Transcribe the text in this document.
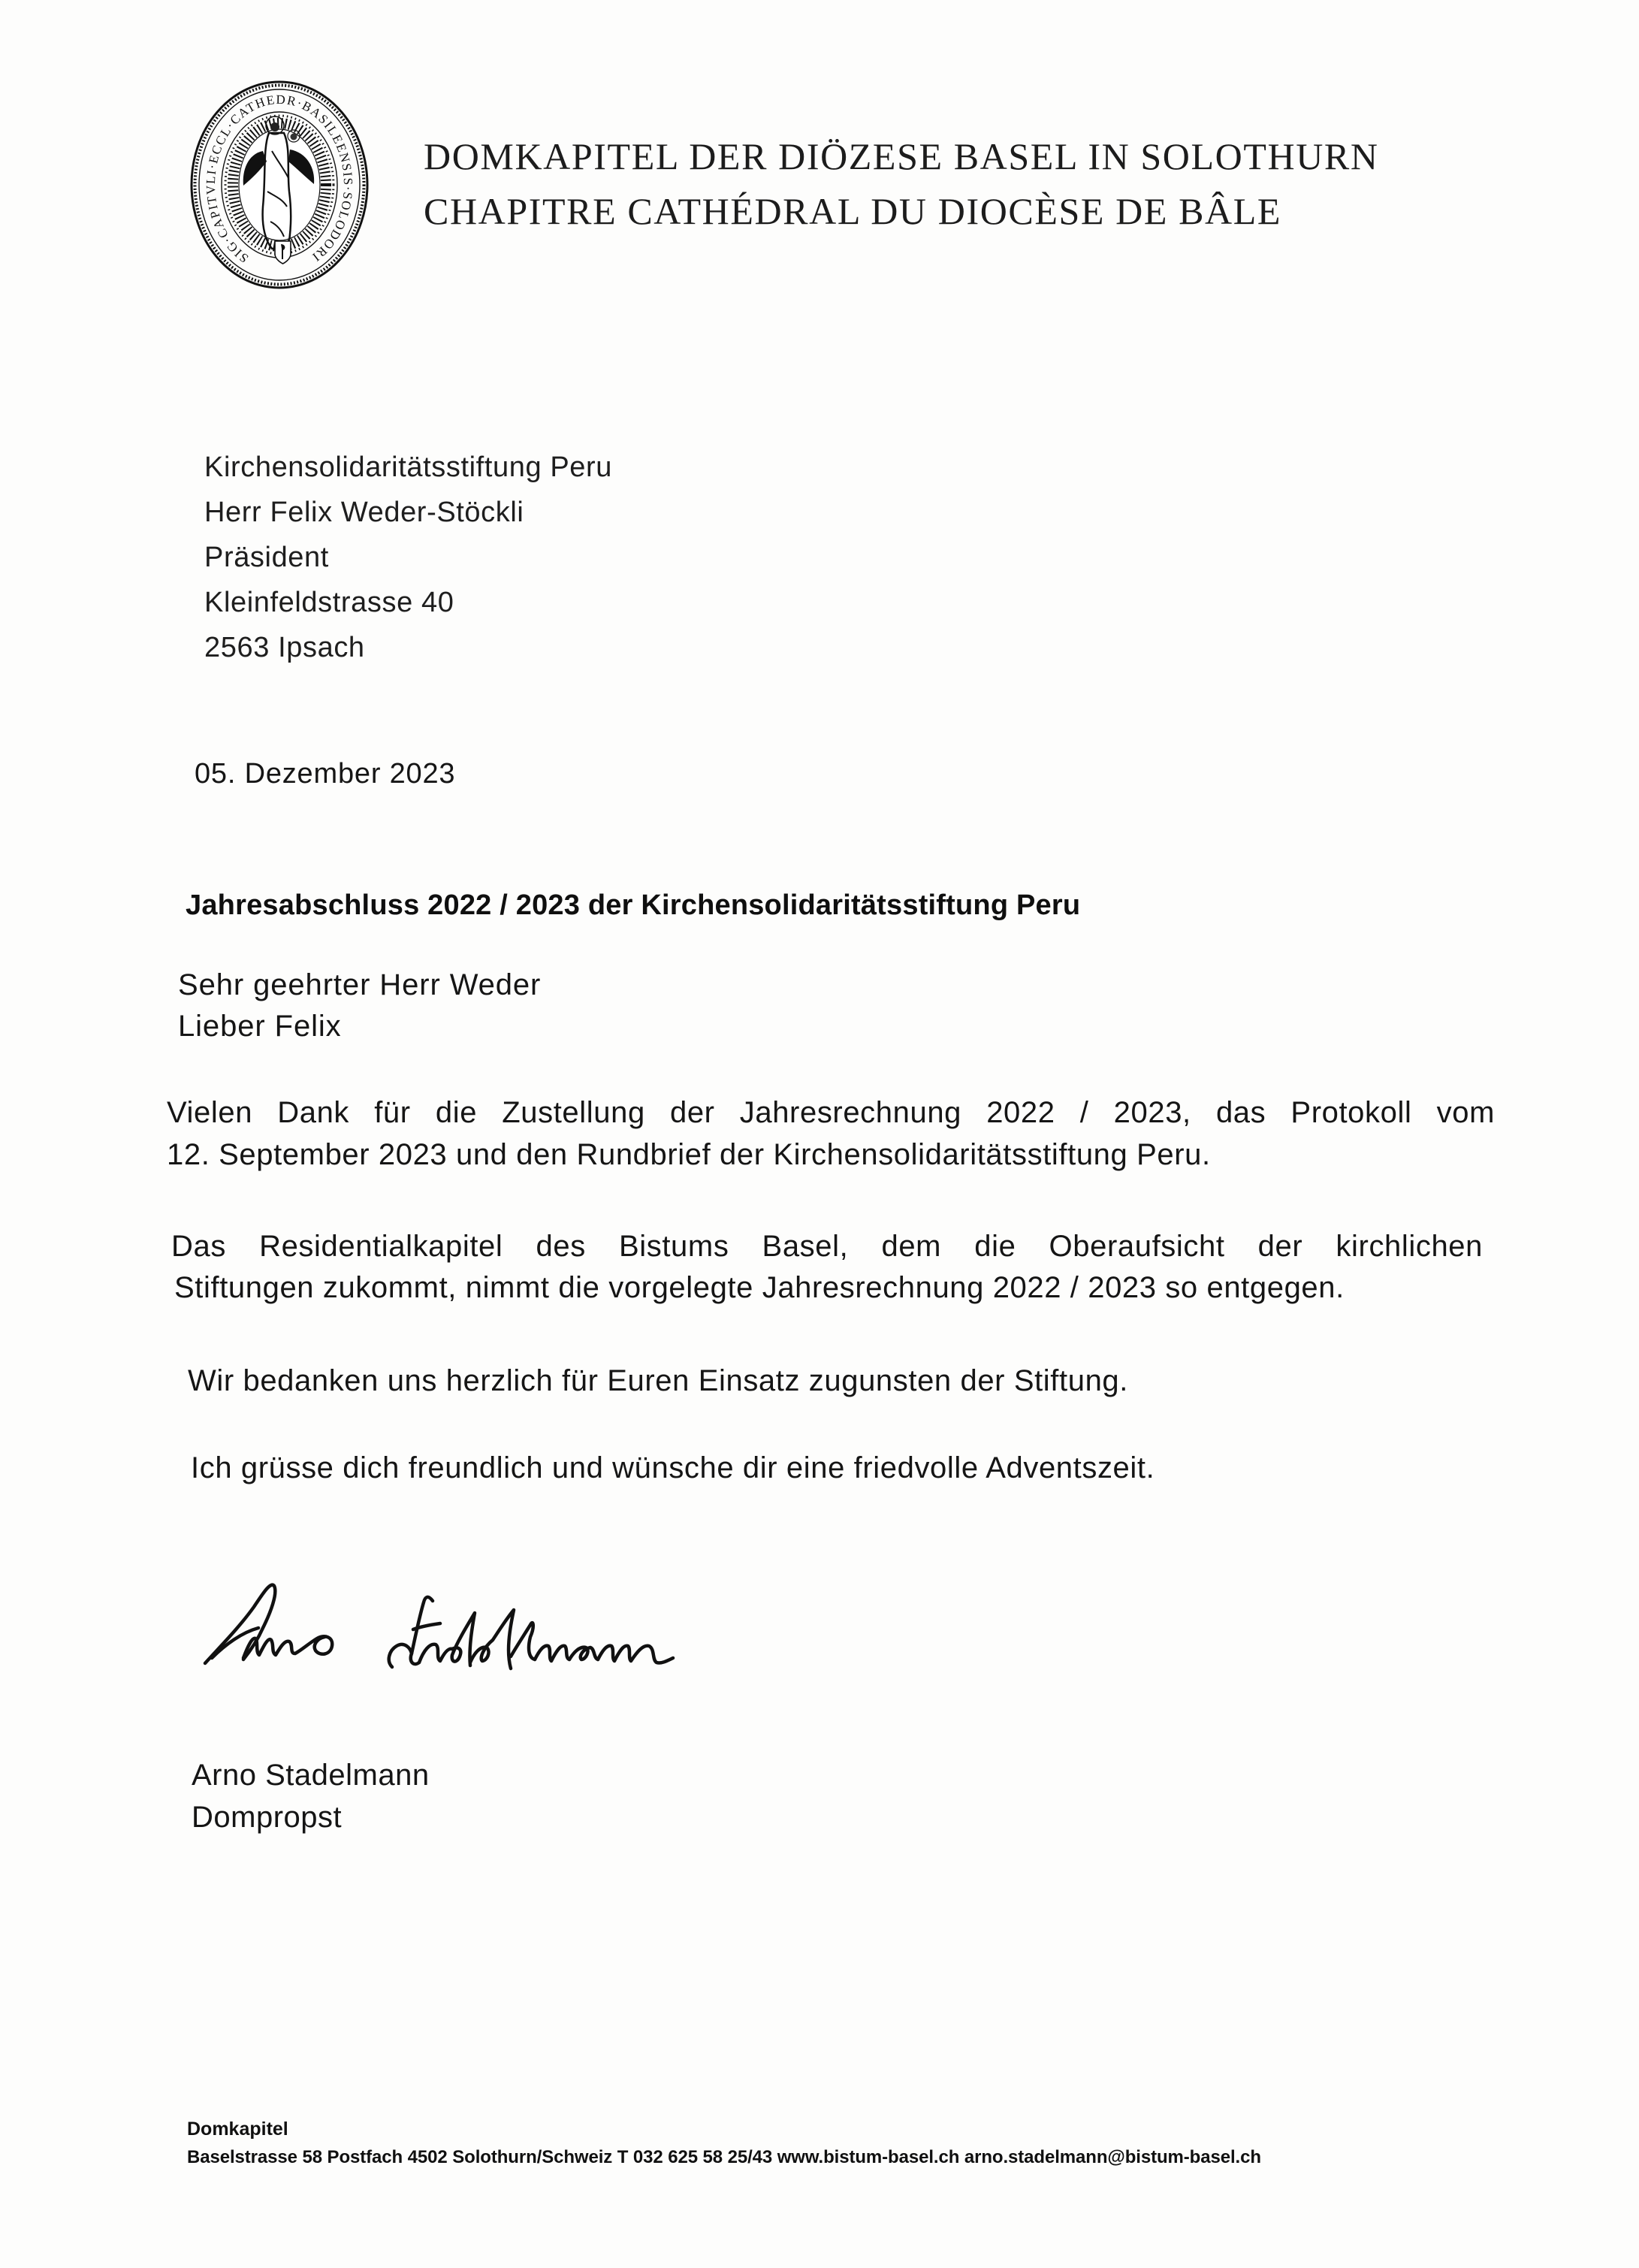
SIG·CAPITVLI·ECCL·CATHEDR·BASILEENSIS·SOLODORI
DOMKAPITEL DER DIÖZESE BASEL IN SOLOTHURN
CHAPITRE CATHÉDRAL DU DIOCÈSE DE BÂLE
Kirchensolidaritätsstiftung Peru
Herr Felix Weder-Stöckli
Präsident
Kleinfeldstrasse 40
2563 Ipsach
05. Dezember 2023
Jahresabschluss 2022 / 2023 der Kirchensolidaritätsstiftung Peru
Sehr geehrter Herr Weder
Lieber Felix
Vielen Dank für die Zustellung der Jahresrechnung 2022 / 2023, das Protokoll vom
12. September 2023 und den Rundbrief der Kirchensolidaritätsstiftung Peru.
Das Residentialkapitel des Bistums Basel, dem die Oberaufsicht der kirchlichen
Stiftungen zukommt, nimmt die vorgelegte Jahresrechnung 2022 / 2023 so entgegen.
Wir bedanken uns herzlich für Euren Einsatz zugunsten der Stiftung.
Ich grüsse dich freundlich und wünsche dir eine friedvolle Adventszeit.
Arno Stadelmann
Dompropst
Domkapitel
Baselstrasse 58 Postfach 4502 Solothurn/Schweiz T 032 625 58 25/43 www.bistum-basel.ch arno.stadelmann@bistum-basel.ch
